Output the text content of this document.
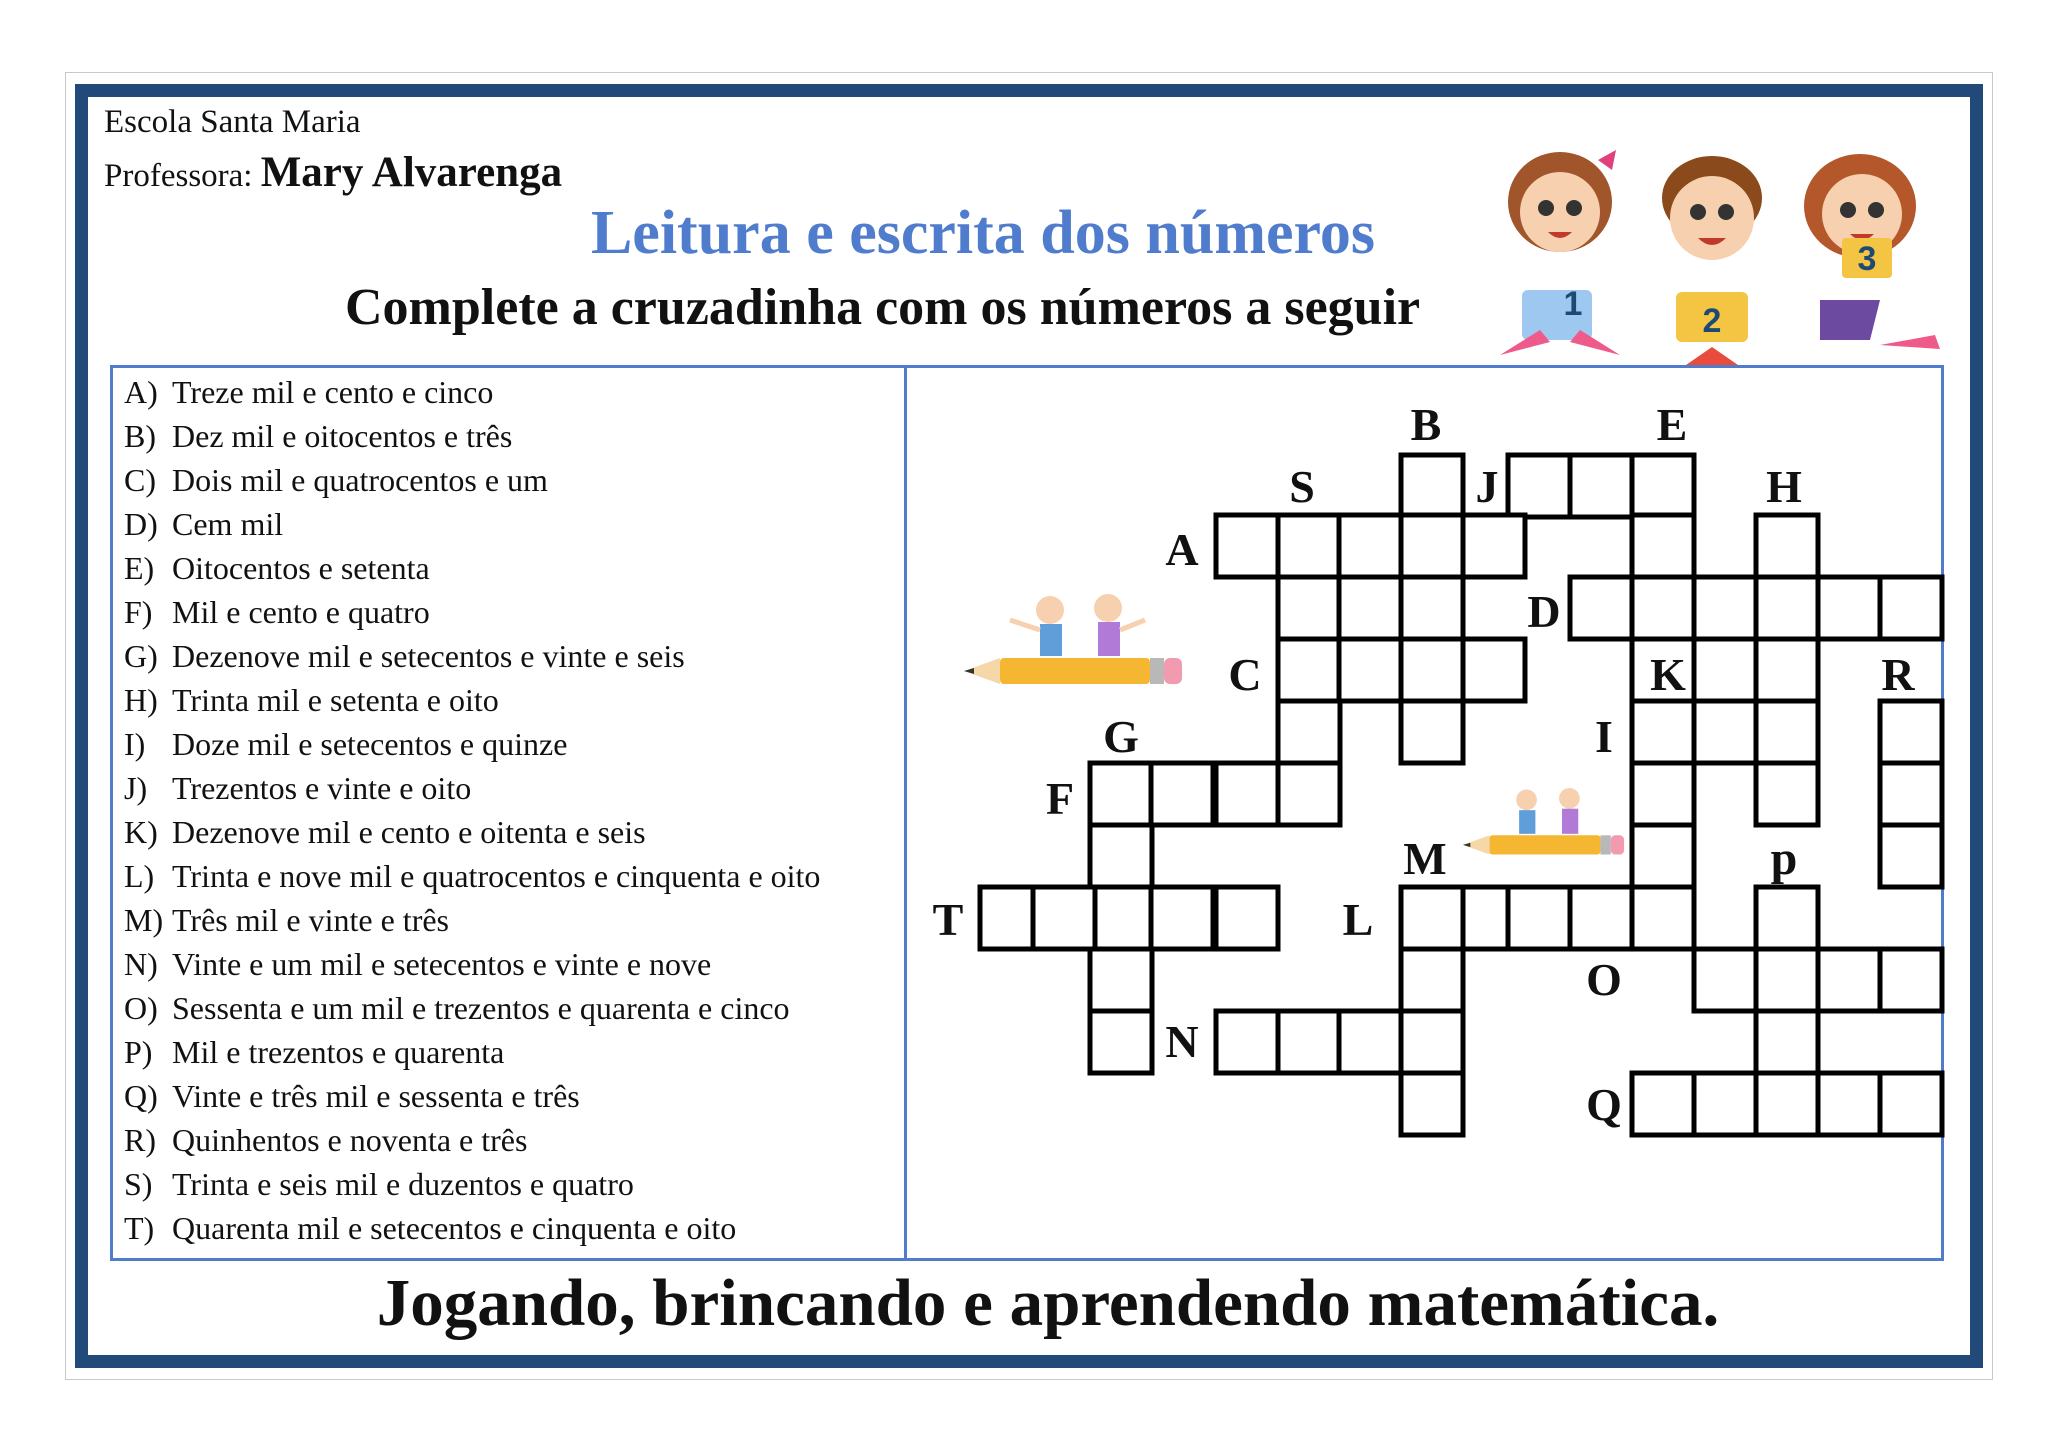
Escola Santa Maria
Professora: Mary Alvarenga
Leitura e escrita dos números
Complete a cruzadinha com os números a seguir	1	2
3
A) Treze mil e cento e cinco
B) Dez mil e oitocentos e três
C) Dois mil e quatrocentos e um
D) Cem mil
E) Oitocentos e setenta
F) Mil e cento e quatro
G) Dezenove mil e setecentos e vinte e seis
H) Trinta mil e setenta e oito
I) Doze mil e setecentos e quinze
J) Trezentos e vinte e oito
K) Dezenove mil e cento e oitenta e seis
L) Trinta e nove mil e quatrocentos e cinquenta e oito
M) Três mil e vinte e três
N) Vinte e um mil e setecentos e vinte e nove
O) Sessenta e um mil e trezentos e quarenta e cinco
P) Mil e trezentos e quarenta
Q) Vinte e três mil e sessenta e três
R) Quinhentos e noventa e três
S) Trinta e seis mil e duzentos e quatro
T) Quarenta mil e setecentos e cinquenta e oito
B	E
S	J	H
A
D
C	K	R
G	I
F
M	p
T	L
O
N
Q
Jogando, brincando e aprendendo matemática.
